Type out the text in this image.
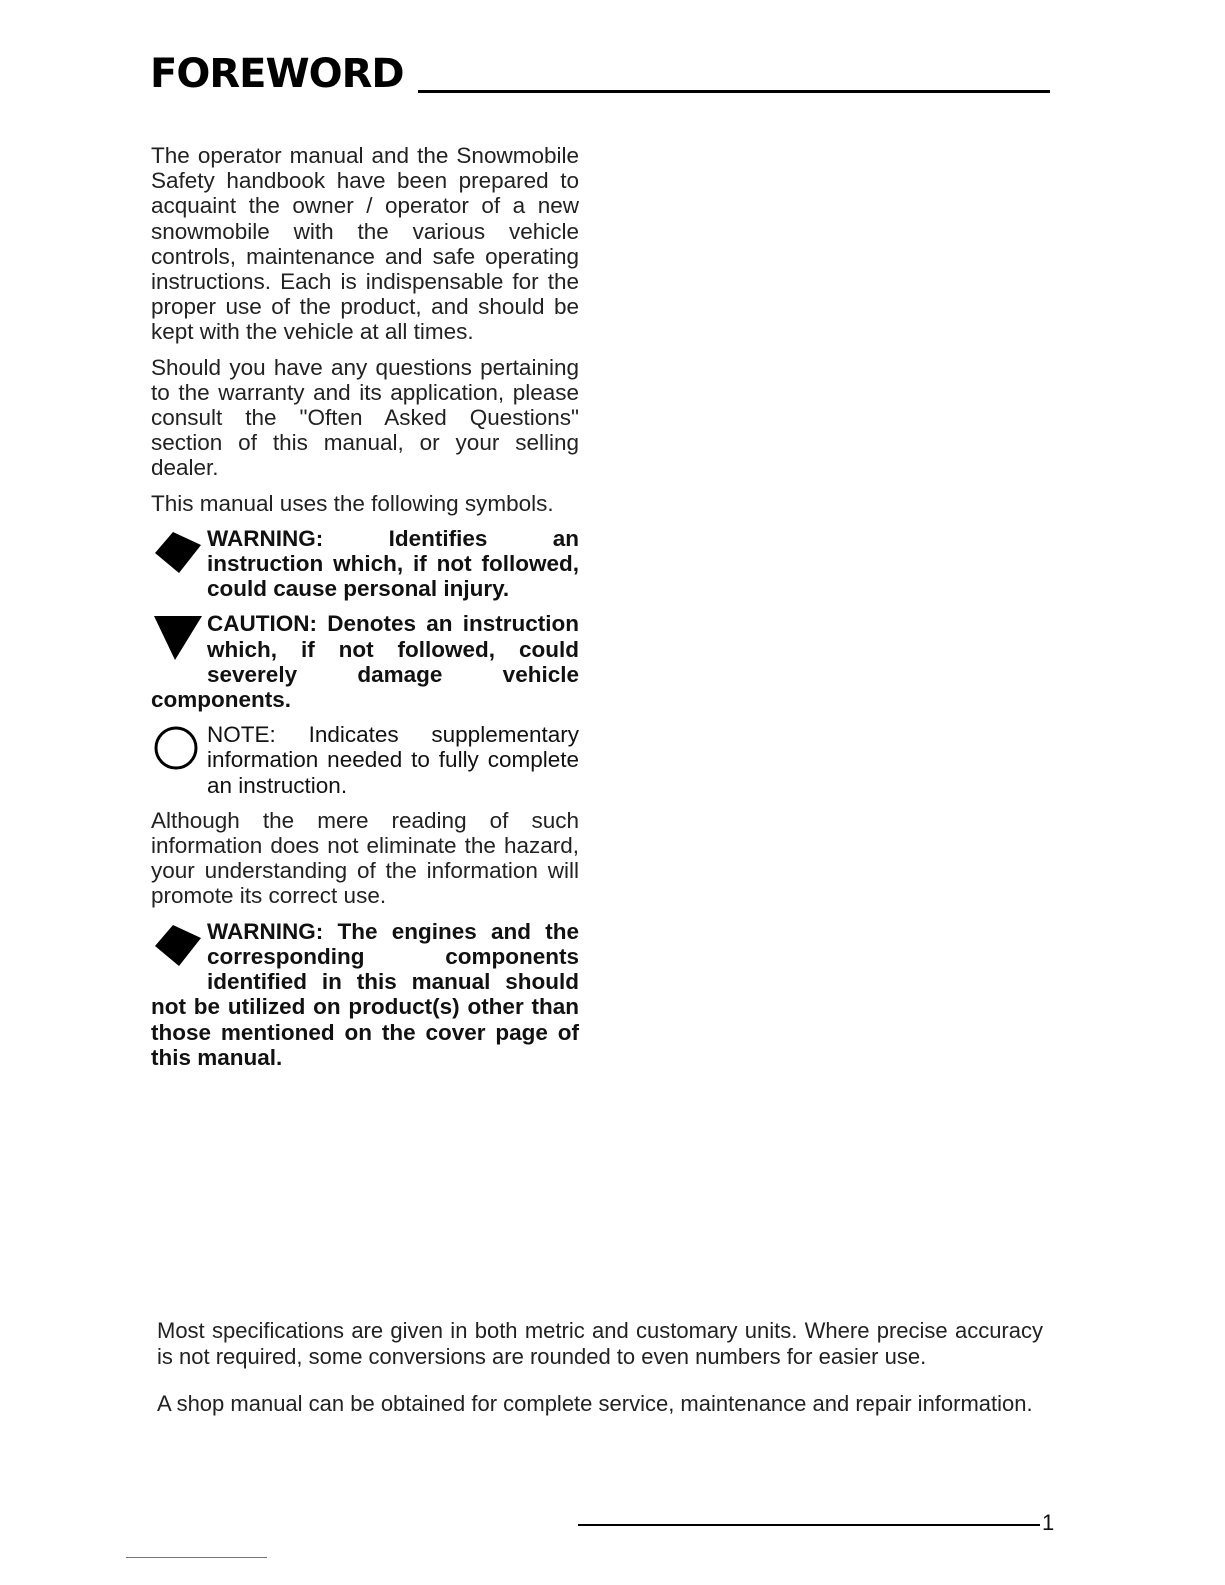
FOREWORD

The operator manual and the Snowmobile Safety handbook have been prepared to acquaint the owner / operator of a new snowmobile with the various vehicle controls, maintenance and safe operating instructions. Each is indispensable for the proper use of the product, and should be kept with the vehicle at all times.

Should you have any questions pertaining to the warranty and its application, please consult the "Often Asked Questions" section of this manual, or your selling dealer.

This manual uses the following symbols.

WARNING:	Identifies an instruction which, if not followed, could cause personal injury.
CAUTION: Denotes an instruction which, if not followed, could severely damage vehicle components.
NOTE: Indicates supplementary information needed to fully complete an instruction.

Although the mere reading of such information does not eliminate the hazard, your understanding of the information will promote its correct use.

WARNING: The engines and the corresponding components identified in this manual should not be utilized on product(s) other than those mentioned on the cover page of this manual.

Most specifications are given in both metric and customary units. Where precise accuracy is not required, some conversions are rounded to even numbers for easier use.

A shop manual can be obtained for complete service, maintenance and repair information.

1
